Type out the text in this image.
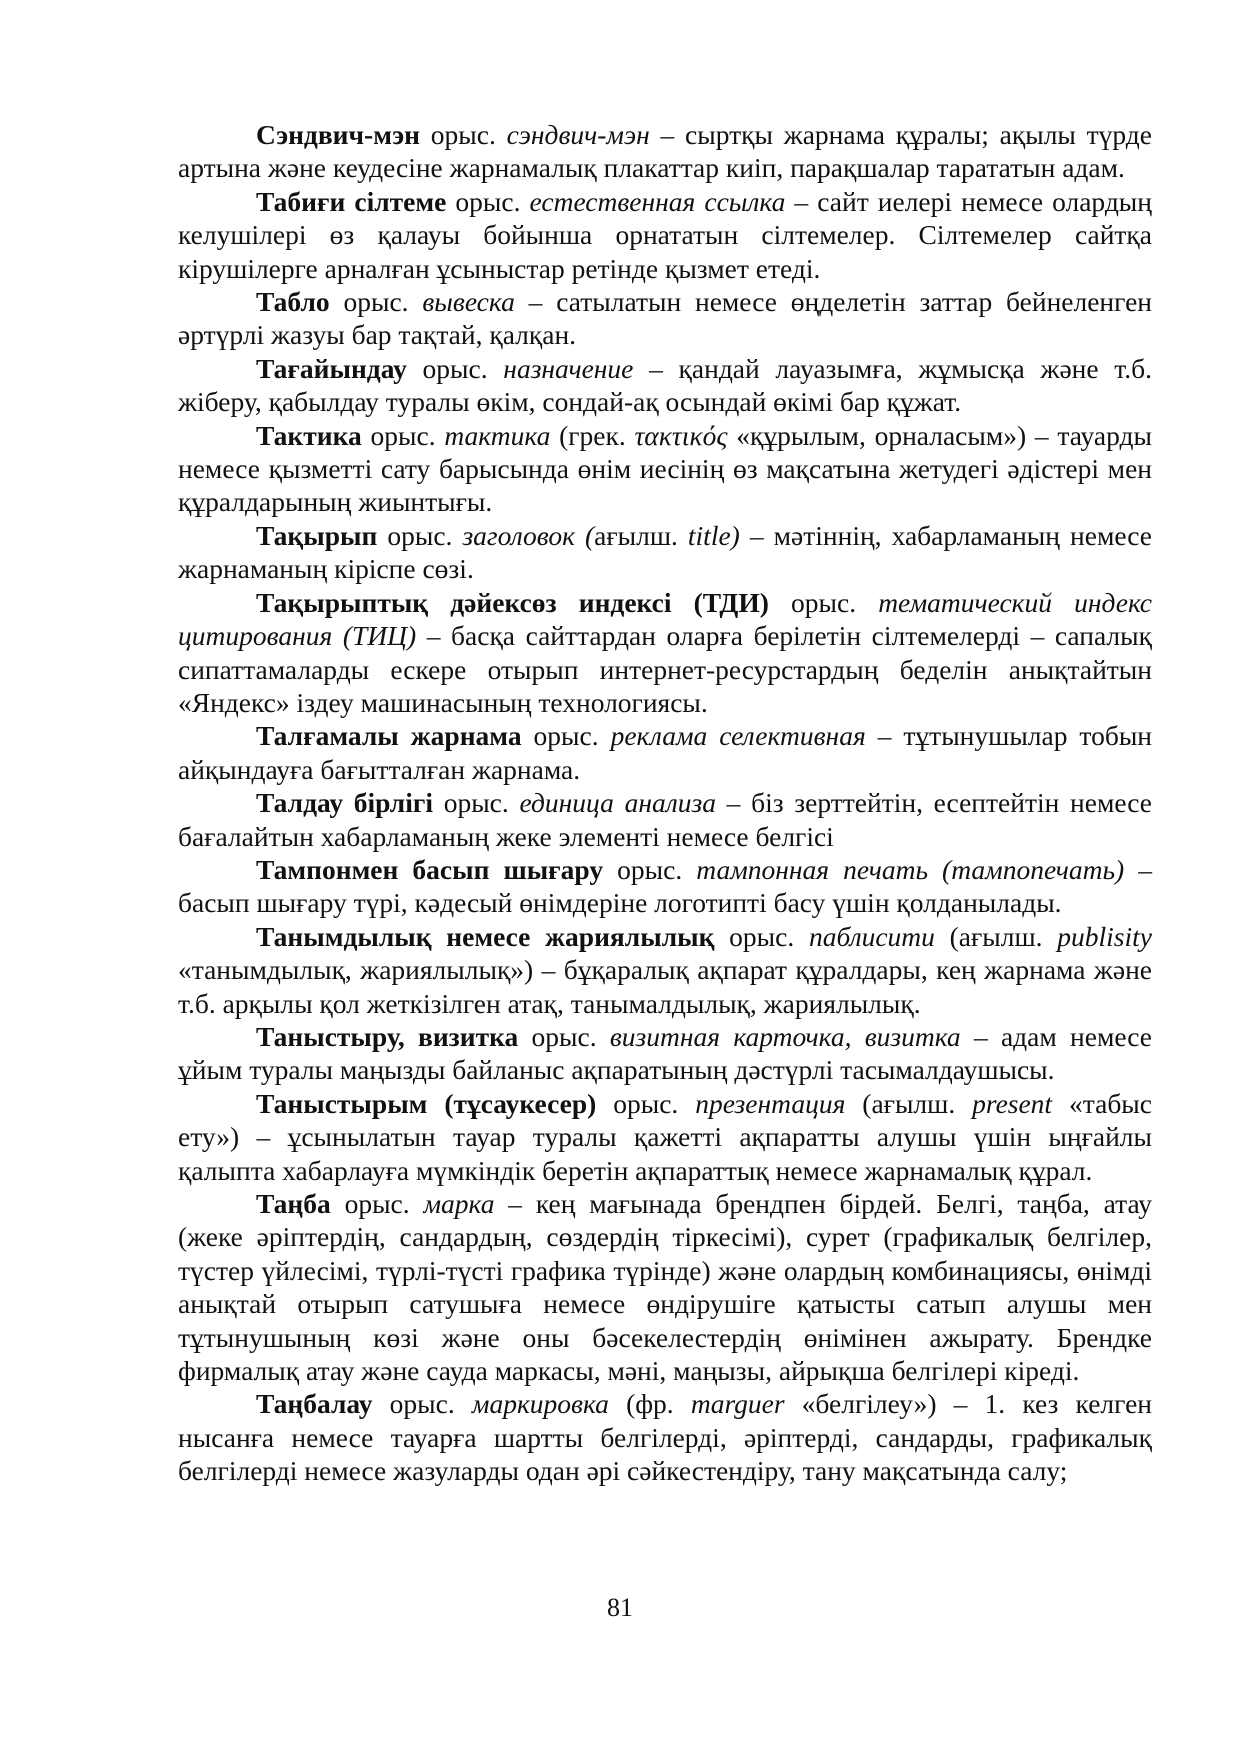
Сэндвич-мэн орыс. сэндвич-мэн – сыртқы жарнама құралы; ақылы түрде артына және кеудесіне жарнамалық плакаттар киіп, парақшалар тарататын адам.

Табиғи сілтеме орыс. естественная ссылка – сайт иелері немесе олардың келушілері өз қалауы бойынша орнататын сілтемелер. Сілтемелер сайтқа кірушілерге арналған ұсыныстар ретінде қызмет етеді.

Табло орыс. вывеска – сатылатын немесе өңделетін заттар бейнеленген әртүрлі жазуы бар тақтай, қалқан.

Тағайындау орыс. назначение – қандай лауазымға, жұмысқа және т.б. жіберу, қабылдау туралы өкім, сондай-ақ осындай өкімі бар құжат.

Тактика орыс. тактика (грек. τακτικός «құрылым, орналасым») – тауарды немесе қызметті сату барысында өнім иесінің өз мақсатына жетудегі әдістері мен құралдарының жиынтығы.

Тақырып орыс. заголовок (ағылш. title) – мәтіннің, хабарламаның немесе жарнаманың кіріспе сөзі.

Тақырыптық дәйексөз индексі (ТДИ) орыс. тематический индекс цитирования (ТИЦ) – басқа сайттардан оларға берілетін сілтемелерді – сапалық сипаттамаларды ескере отырып интернет-ресурстардың беделін анықтайтын «Яндекс» іздеу машинасының технологиясы.

Талғамалы жарнама орыс. реклама селективная – тұтынушылар тобын айқындауға бағытталған жарнама.

Талдау бірлігі орыс. единица анализа – біз зерттейтін, есептейтін немесе бағалайтын хабарламаның жеке элементі немесе белгісі

Тампонмен басып шығару орыс. тампонная печать (тампопечать) – басып шығару түрі, кәдесый өнімдеріне логотипті басу үшін қолданылады.

Танымдылық немесе жариялылық орыс. паблисити (ағылш. publisity «танымдылық, жариялылық») – бұқаралық ақпарат құралдары, кең жарнама және т.б. арқылы қол жеткізілген атақ, танымалдылық, жариялылық.

Таныстыру, визитка орыс. визитная карточка, визитка – адам немесе ұйым туралы маңызды байланыс ақпаратының дәстүрлі тасымалдаушысы.

Таныстырым (тұсаукесер) орыс. презентация (ағылш. present «табыс ету») – ұсынылатын тауар туралы қажетті ақпаратты алушы үшін ыңғайлы қалыпта хабарлауға мүмкіндік беретін ақпараттық немесе жарнамалық құрал.

Таңба орыс. марка – кең мағынада брендпен бірдей. Белгі, таңба, атау (жеке әріптердің, сандардың, сөздердің тіркесімі), сурет (графикалық белгілер, түстер үйлесімі, түрлі-түсті графика түрінде) және олардың комбинациясы, өнімді анықтай отырып сатушыға немесе өндірушіге қатысты сатып алушы мен тұтынушының көзі және оны бәсекелестердің өнімінен ажырату. Брендке фирмалық атау және сауда маркасы, мәні, маңызы, айрықша белгілері кіреді.

Таңбалау орыс. маркировка (фр. marguer «белгілеу») – 1. кез келген нысанға немесе тауарға шартты белгілерді, әріптерді, сандарды, графикалық белгілерді немесе жазуларды одан әрі сәйкестендіру, тану мақсатында салу;

81
